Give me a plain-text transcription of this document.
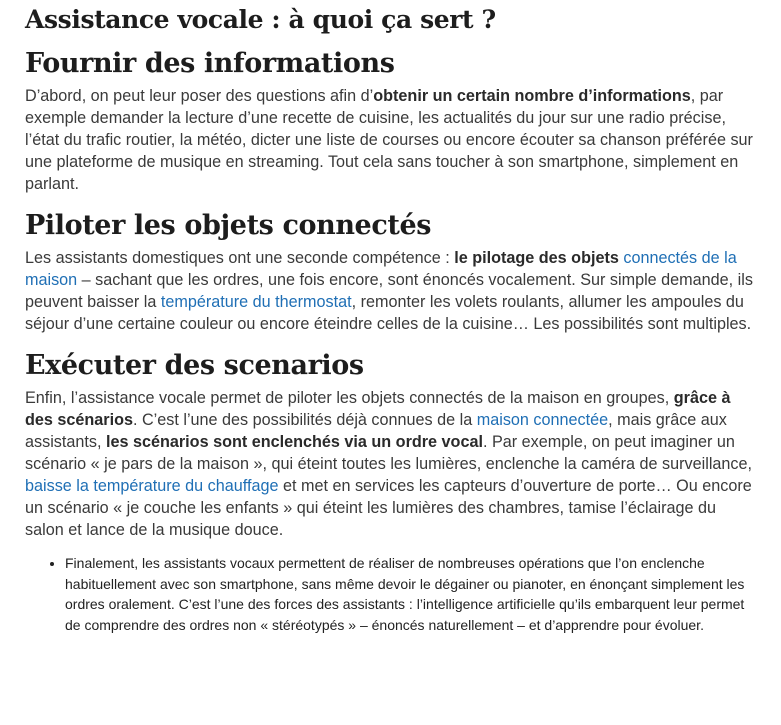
Assistance vocale : à quoi ça sert ?
Fournir des informations

D’abord, on peut leur poser des questions afin d’obtenir un certain nombre d’informations, par exemple demander la lecture d’une recette de cuisine, les actualités du jour sur une radio précise, l’état du trafic routier, la météo, dicter une liste de courses ou encore écouter sa chanson préférée sur une plateforme de musique en streaming. Tout cela sans toucher à son smartphone, simplement en parlant.

Piloter les objets connectés

Les assistants domestiques ont une seconde compétence : le pilotage des objets connectés de la maison – sachant que les ordres, une fois encore, sont énoncés vocalement. Sur simple demande, ils peuvent baisser la température du thermostat, remonter les volets roulants, allumer les ampoules du séjour d’une certaine couleur ou encore éteindre celles de la cuisine… Les possibilités sont multiples.

Exécuter des scenarios

Enfin, l’assistance vocale permet de piloter les objets connectés de la maison en groupes, grâce à des scénarios. C’est l’une des possibilités déjà connues de la maison connectée, mais grâce aux assistants, les scénarios sont enclenchés via un ordre vocal. Par exemple, on peut imaginer un scénario « je pars de la maison », qui éteint toutes les lumières, enclenche la caméra de surveillance, baisse la température du chauffage et met en services les capteurs d’ouverture de porte… Ou encore un scénario « je couche les enfants » qui éteint les lumières des chambres, tamise l’éclairage du salon et lance de la musique douce.

• Finalement, les assistants vocaux permettent de réaliser de nombreuses opérations que l’on enclenche habituellement avec son smartphone, sans même devoir le dégainer ou pianoter, en énonçant simplement les ordres oralement. C’est l’une des forces des assistants : l’intelligence artificielle qu’ils embarquent leur permet de comprendre des ordres non « stéréotypés » – énoncés naturellement – et d’apprendre pour évoluer.
